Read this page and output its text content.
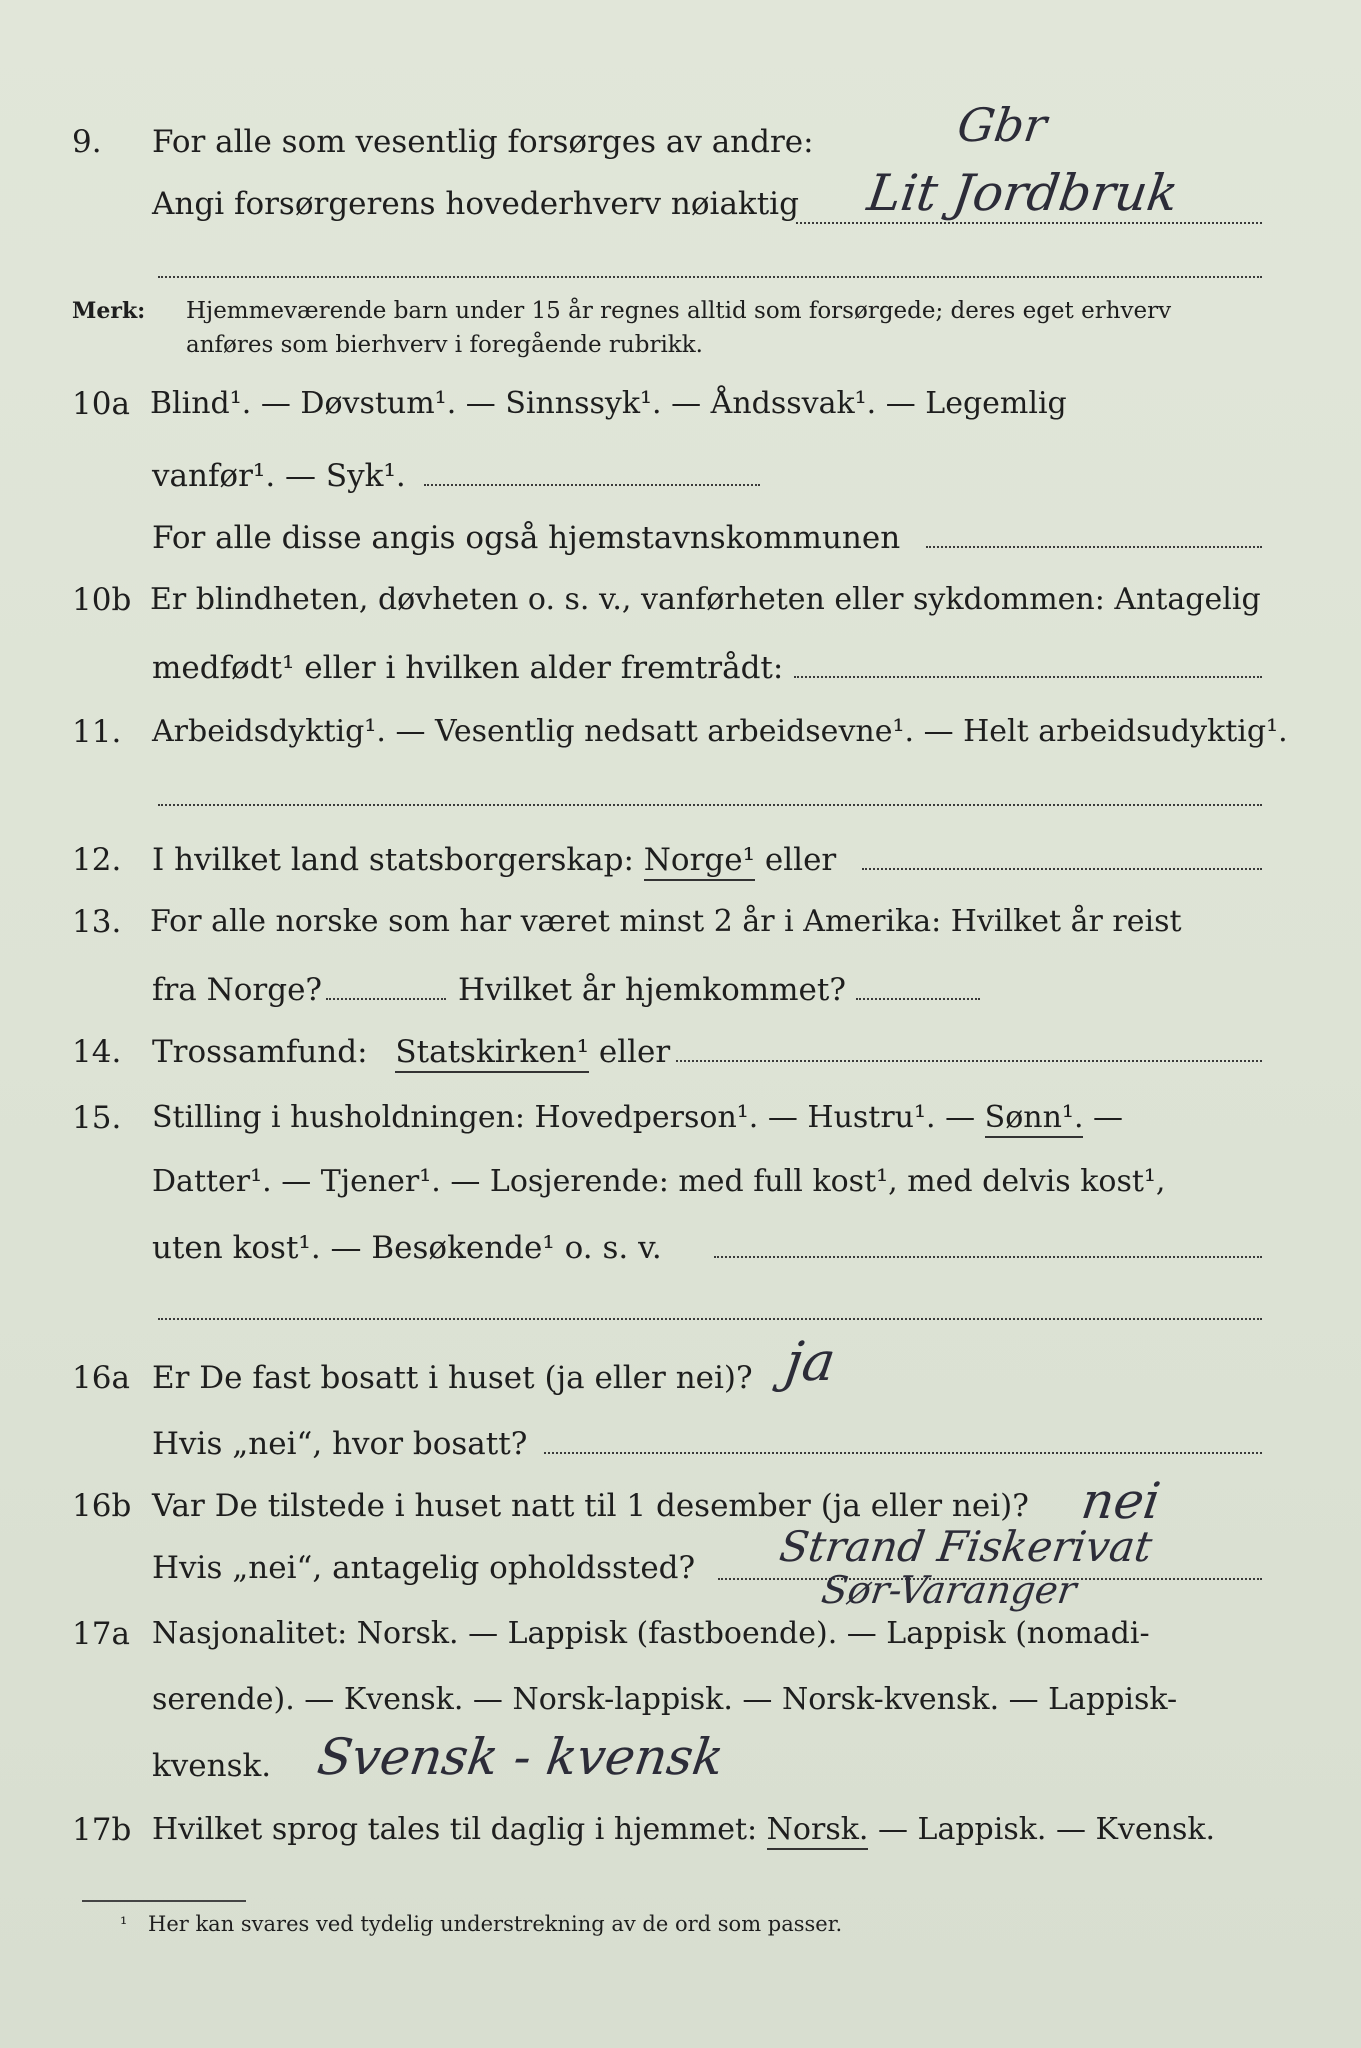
Gbr
9. For alle som vesentlig forsørges av andre:
Angi forsørgerens hovederhverv nøiaktig Lit Jordbruk
Merk: Hjemmeværende barn under 15 år regnes alltid som forsørgede; deres eget erhverv
anføres som bierhverv i foregående rubrikk.
10a Blind¹. — Døvstum¹. — Sinnssyk¹. — Åndssvak¹. — Legemlig
vanfør¹. — Syk¹.
For alle disse angis også hjemstavnskommunen
10b Er blindheten, døvheten o. s. v., vanførheten eller sykdommen: Antagelig
medfødt¹ eller i hvilken alder fremtrådt:
11. Arbeidsdyktig¹. — Vesentlig nedsatt arbeidsevne¹. — Helt arbeidsudyktig¹.
12. I hvilket land statsborgerskap: Norge¹ eller
13. For alle norske som har været minst 2 år i Amerika: Hvilket år reist
fra Norge?	Hvilket år hjemkommet?
14. Trossamfund: Statskirken¹ eller
15. Stilling i husholdningen: Hovedperson¹. — Hustru¹. — Sønn¹. —
Datter¹. — Tjener¹. — Losjerende: med full kost¹, med delvis kost¹,
uten kost¹. — Besøkende¹ o. s. v.
16a Er De fast bosatt i huset (ja eller nei)? ja
Hvis „nei“, hvor bosatt?
16b Var De tilstede i huset natt til 1 desember (ja eller nei)? nei
Hvis „nei“, antagelig opholdssted? Strand Fiskerivat
Sør-Varanger
17a Nasjonalitet: Norsk. — Lappisk (fastboende). — Lappisk (nomadi-
serende). — Kvensk. — Norsk-lappisk. — Norsk-kvensk. — Lappisk-
kvensk. Svensk - kvensk
17b Hvilket sprog tales til daglig i hjemmet: Norsk. — Lappisk. — Kvensk.
¹ Her kan svares ved tydelig understrekning av de ord som passer.
